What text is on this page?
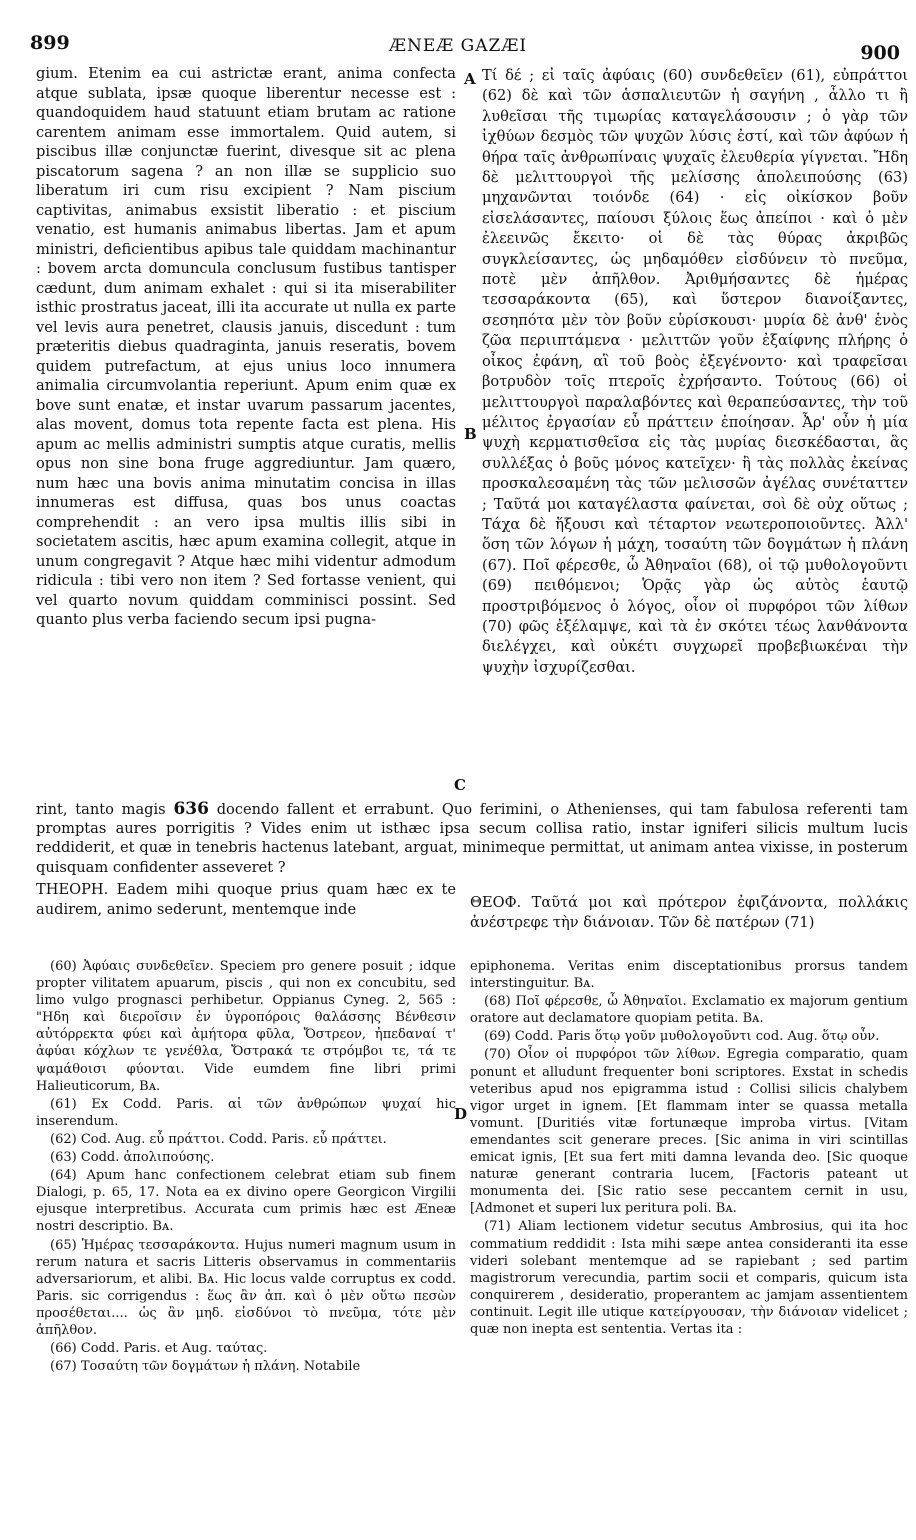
899	ÆNEÆ GAZÆI	900
A
B
C
D

gium. Etenim ea cui astrictæ erant, anima confecta atque sublata, ipsæ quoque liberentur necesse est : quandoquidem haud statuunt etiam brutam ac ratione carentem animam esse immortalem. Quid autem, si piscibus illæ conjunctæ fuerint, divesque sit ac plena piscatorum sagena ? an non illæ se supplicio suo liberatum iri cum risu excipient ? Nam piscium captivitas, animabus exsistit liberatio : et piscium venatio, est humanis animabus libertas. Jam et apum ministri, deficientibus apibus tale quiddam machinantur : bovem arcta domuncula conclusum fustibus tantisper cædunt, dum animam exhalet : qui si ita miserabiliter isthic prostratus jaceat, illi ita accurate ut nulla ex parte vel levis aura penetret, clausis januis, discedunt : tum præteritis diebus quadraginta, januis reseratis, bovem quidem putrefactum, at ejus unius loco innumera animalia circumvolantia reperiunt. Apum enim quæ ex bove sunt enatæ, et instar uvarum passarum jacentes, alas movent, domus tota repente facta est plena. His apum ac mellis administri sumptis atque curatis, mellis opus non sine bona fruge aggrediuntur. Jam quæro, num hæc una bovis anima minutatim concisa in illas innumeras est diffusa, quas bos unus coactas comprehendit : an vero ipsa multis illis sibi in societatem ascitis, hæc apum examina collegit, atque in unum congregavit ? Atque hæc mihi videntur admodum ridicula : tibi vero non item ? Sed fortasse venient, qui vel quarto novum quiddam comminisci possint. Sed quanto plus verba faciendo secum ipsi pugna-

Τί δέ ; εἰ ταῖς ἀφύαις (60) συνδεθεῖεν (61), εὐπράττοι (62) δὲ καὶ τῶν ἁσπαλιευτῶν ἡ σαγήνη , ἆλλο τι ἢ λυθεῖσαι τῆς τιμωρίας καταγελάσουσιν ; ὁ γὰρ τῶν ἰχθύων δεσμὸς τῶν ψυχῶν λύσις ἐστί, καὶ τῶν ἀφύων ἡ θήρα ταῖς ἀνθρωπίναις ψυχαῖς ἐλευθερία γίγνεται. Ἤδη δὲ μελιττουργοὶ τῆς μελίσσης ἀπολειπούσης (63) μηχανῶνται τοιόνδε (64) · εἰς οἰκίσκον βοῦν εἰσελάσαντες, παίουσι ξύλοις ἕως ἀπείποι · καὶ ὁ μὲν ἐλεεινῶς ἔκειτο· οἱ δὲ τὰς θύρας ἀκριβῶς συγκλείσαντες, ὡς μηδαμόθεν εἰσδύνειν τὸ πνεῦμα, ποτὲ μὲν ἀπῆλθον. Ἀριθμήσαντες δὲ ἡμέρας τεσσαράκοντα (65), καὶ ὕστερον διανοίξαντες, σεσηπότα μὲν τὸν βοῦν εὑρίσκουσι· μυρία δὲ ἀνθ' ἑνὸς ζῶα περιιπτάμενα · μελιττῶν γοῦν ἐξαίφνης πλήρης ὁ οἶκος ἐφάνη, αἳ τοῦ βοὸς ἐξεγένοντο· καὶ τραφεῖσαι βοτρυδὸν τοῖς πτεροῖς ἐχρήσαντο. Τούτους (66) οἱ μελιττουργοὶ παραλαβόντες καὶ θεραπεύσαντες, τὴν τοῦ μέλιτος ἐργασίαν εὖ πράττειν ἐποίησαν. Ἆρ' οὖν ἡ μία ψυχὴ κερματισθεῖσα εἰς τὰς μυρίας διεσκέδασται, ἃς συλλέξας ὁ βοῦς μόνος κατεῖχεν· ἢ τὰς πολλὰς ἐκείνας προσκαλεσαμένη τὰς τῶν μελισσῶν ἀγέλας συνέταττεν ; Ταῦτά μοι καταγέλαστα φαίνεται, σοὶ δὲ οὐχ οὕτως ; Τάχα δὲ ἥξουσι καὶ τέταρτον νεωτεροποιοῦντες. Ἀλλ' ὅση τῶν λόγων ἡ μάχη, τοσαύτη τῶν δογμάτων ἡ πλάνη (67). Ποῖ φέρεσθε, ὦ Ἀθηναῖοι (68), οἱ τῷ μυθολογοῦντι (69) πειθόμενοι; Ὁρᾷς γὰρ ὡς αὐτὸς ἑαυτῷ προστριβόμενος ὁ λόγος, οἷον οἱ πυρφόροι τῶν λίθων (70) φῶς ἐξέλαμψε, καὶ τὰ ἐν σκότει τέως λανθάνοντα διελέγχει, καὶ οὐκέτι συγχωρεῖ προβεβιωκέναι τὴν ψυχὴν ἰσχυρίζεσθαι.

rint, tanto magis 636 docendo fallent et errabunt. Quo ferimini, o Athenienses, qui tam fabulosa referenti tam promptas aures porrigitis ? Vides enim ut isthæc ipsa secum collisa ratio, instar igniferi silicis multum lucis reddiderit, et quæ in tenebris hactenus latebant, arguat, minimeque permittat, ut animam antea vixisse, in posterum quisquam confidenter asseveret ?

THEOPH. Eadem mihi quoque prius quam hæc ex te audirem, animo sederunt, mentemque inde	ΘΕΟΦ. Ταῦτά μοι καὶ πρότερον ἐφιζάνοντα, πολλάκις ἀνέστρεφε τὴν διάνοιαν. Τῶν δὲ πατέρων (71)

(60) Ἀφύαις συνδεθεῖεν. Speciem pro genere posuit ; idque propter vilitatem apuarum, piscis , qui non ex concubitu, sed limo vulgo prognasci perhibetur. Oppianus Cyneg. 2, 565 : "Ηδη καὶ διεροῖσιν ἐν ὑγροπόροις θαλάσσης Βένθεσιν αὐτόρρεκτα φύει καὶ ἀμήτορα φῦλα, Ὄστρεον, ἠπεδαναί τ' ἀφύαι κόχλων τε γενέθλα, Ὄστρακά τε στρόμβοι τε, τά τε ψαμάθοισι φύονται. Vide eumdem fine libri primi Halieuticorum, Bᴀ.

(61) Ex Codd. Paris. αἱ τῶν ἀνθρώπων ψυχαί hic inserendum.

(62) Cod. Aug. εὖ πράττοι. Codd. Paris. εὖ πράττει.

(63) Codd. ἀπολιπούσης.

(64) Apum hanc confectionem celebrat etiam sub finem Dialogi, p. 65, 17. Nota ea ex divino opere Georgicon Virgilii ejusque interpretibus. Accurata cum primis hæc est Æneæ nostri descriptio. Bᴀ.

(65) Ἡμέρας τεσσαράκοντα. Hujus numeri magnum usum in rerum natura et sacris Litteris observamus in commentariis adversariorum, et alibi. Bᴀ. Hic locus valde corruptus ex codd. Paris. sic corrigendus : ἕως ἂν ἀπ. καὶ ὁ μὲν οὕτω πεσὼν προσέθεται.... ὡς ἂν μηδ. εἰσδύνοι τὸ πνεῦμα, τότε μὲν ἀπῆλθον.

(66) Codd. Paris. et Aug. ταύτας.

(67) Τοσαύτη τῶν δογμάτων ἡ πλάνη. Notabile

epiphonema. Veritas enim disceptationibus prorsus tandem interstinguitur. Bᴀ.

(68) Ποῖ φέρεσθε, ὦ Ἀθηναῖοι. Exclamatio ex majorum gentium oratore aut declamatore quopiam petita. Bᴀ.

(69) Codd. Paris ὅτῳ γοῦν μυθολογοῦντι cod. Aug. ὅτῳ οὖν.

(70) Οἷον οἱ πυρφόροι τῶν λίθων. Egregia comparatio, quam ponunt et alludunt frequenter boni scriptores. Exstat in schedis veteribus apud nos epigramma istud : Collisi silicis chalybem vigor urget in ignem. [Et flammam inter se quassa metalla vomunt. [Duritiés vitæ fortunæque improba virtus. [Vitam emendantes scit generare preces. [Sic anima in viri scintillas emicat ignis, [Et sua fert miti damna levanda deo. [Sic quoque naturæ generant contraria lucem, [Factoris pateant ut monumenta dei. [Sic ratio sese peccantem cernit in usu, [Admonet et superi lux peritura poli. Bᴀ.

(71) Aliam lectionem videtur secutus Ambrosius, qui ita hoc commatium reddidit : Ista mihi sæpe antea consideranti ita esse videri solebant mentemque ad se rapiebant ; sed partim magistrorum verecundia, partim socii et comparis, quicum ista conquirerem , desideratio, properantem ac jamjam assentientem continuit. Legit ille utique κατείργουσαν, τὴν διάνοιαν videlicet ; quæ non inepta est sententia. Vertas ita :
